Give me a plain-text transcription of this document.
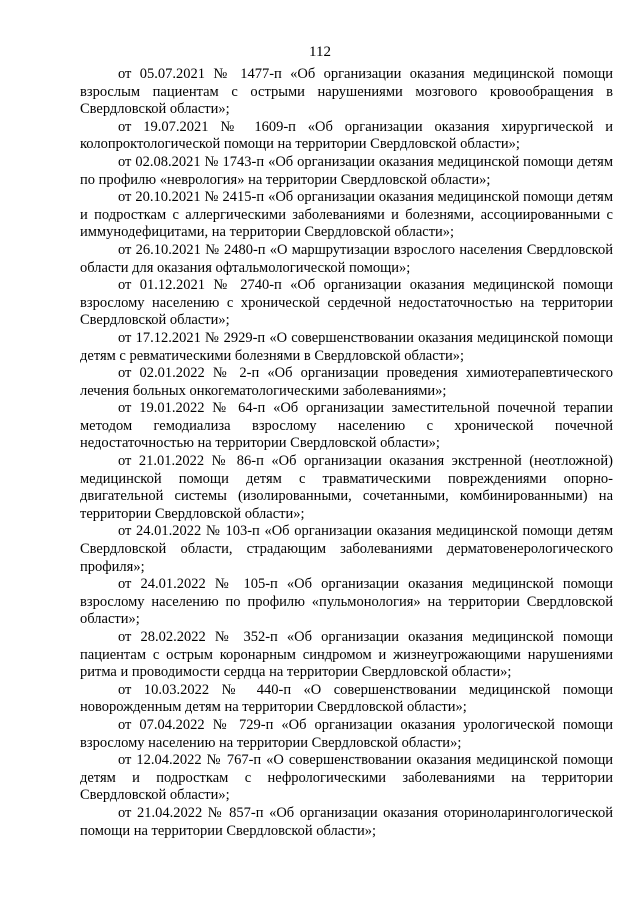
112

от 05.07.2021 № 1477-п «Об организации оказания медицинской помощи взрослым пациентам с острыми нарушениями мозгового кровообращения в Свердловской области»;

от 19.07.2021 № 1609-п «Об организации оказания хирургической и колопроктологической помощи на территории Свердловской области»;

от 02.08.2021 № 1743-п «Об организации оказания медицинской помощи детям по профилю «неврология» на территории Свердловской области»;

от 20.10.2021 № 2415-п «Об организации оказания медицинской помощи детям и подросткам с аллергическими заболеваниями и болезнями, ассоциированными с иммунодефицитами, на территории Свердловской области»;

от 26.10.2021 № 2480-п «О маршрутизации взрослого населения Свердловской области для оказания офтальмологической помощи»;

от 01.12.2021 № 2740-п «Об организации оказания медицинской помощи взрослому населению с хронической сердечной недостаточностью на территории Свердловской области»;

от 17.12.2021 № 2929-п «О совершенствовании оказания медицинской помощи детям с ревматическими болезнями в Свердловской области»;

от 02.01.2022 № 2-п «Об организации проведения химиотерапевтического лечения больных онкогематологическими заболеваниями»;

от 19.01.2022 № 64-п «Об организации заместительной почечной терапии методом гемодиализа взрослому населению с хронической почечной недостаточностью на территории Свердловской области»;

от 21.01.2022 № 86-п «Об организации оказания экстренной (неотложной) медицинской помощи детям с травматическими повреждениями опорно-двигательной системы (изолированными, сочетанными, комбинированными) на территории Свердловской области»;

от 24.01.2022 № 103-п «Об организации оказания медицинской помощи детям Свердловской области, страдающим заболеваниями дерматовенерологического профиля»;

от 24.01.2022 № 105-п «Об организации оказания медицинской помощи взрослому населению по профилю «пульмонология» на территории Свердловской области»;

от 28.02.2022 № 352-п «Об организации оказания медицинской помощи пациентам с острым коронарным синдромом и жизнеугрожающими нарушениями ритма и проводимости сердца на территории Свердловской области»;

от 10.03.2022 № 440-п «О совершенствовании медицинской помощи новорожденным детям на территории Свердловской области»;

от 07.04.2022 № 729-п «Об организации оказания урологической помощи взрослому населению на территории Свердловской области»;

от 12.04.2022 № 767-п «О совершенствовании оказания медицинской помощи детям и подросткам с нефрологическими заболеваниями на территории Свердловской области»;

от 21.04.2022 № 857-п «Об организации оказания оториноларингологической помощи на территории Свердловской области»;
